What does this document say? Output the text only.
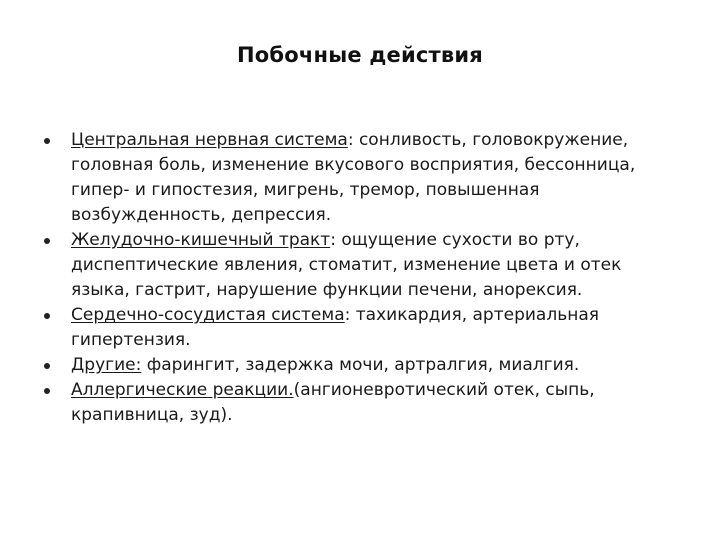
Побочные действия
Центральная нервная система: сонливость, головокружение, головная боль, изменение вкусового восприятия, бессонница, гипер- и гипостезия, мигрень, тремор, повышенная возбужденность, депрессия.
Желудочно-кишечный тракт: ощущение сухости во рту, диспептические явления, стоматит, изменение цвета и отек языка, гастрит, нарушение функции печени, анорексия.
Сердечно-сосудистая система: тахикардия, артериальная гипертензия.
Другие: фарингит, задержка мочи, артралгия, миалгия.
Аллергические реакции.(ангионевротический отек, сыпь, крапивница, зуд).
